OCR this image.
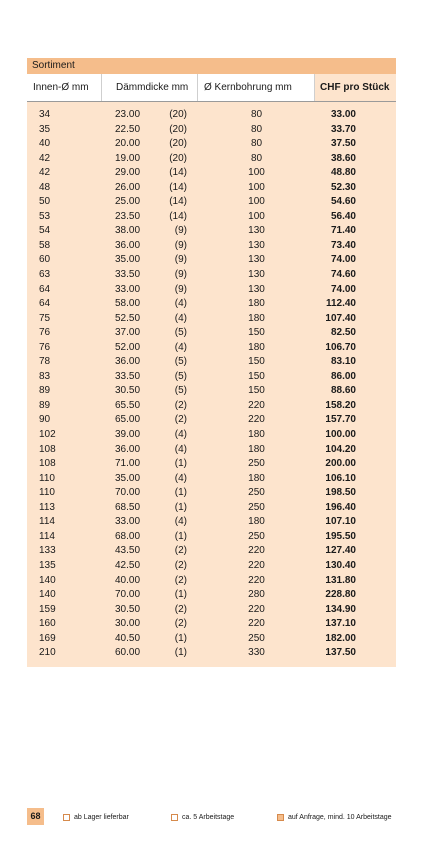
Sortiment
Innen-Ø mm	Dämmdicke mm	Ø Kernbohrung mm	CHF pro Stück
34	23.00	(20)	80	33.00
35	22.50	(20)	80	33.70
40	20.00	(20)	80	37.50
42	19.00	(20)	80	38.60
42	29.00	(14)	100	48.80
48	26.00	(14)	100	52.30
50	25.00	(14)	100	54.60
53	23.50	(14)	100	56.40
54	38.00	(9)	130	71.40
58	36.00	(9)	130	73.40
60	35.00	(9)	130	74.00
63	33.50	(9)	130	74.60
64	33.00	(9)	130	74.00
64	58.00	(4)	180	112.40
75	52.50	(4)	180	107.40
76	37.00	(5)	150	82.50
76	52.00	(4)	180	106.70
78	36.00	(5)	150	83.10
83	33.50	(5)	150	86.00
89	30.50	(5)	150	88.60
89	65.50	(2)	220	158.20
90	65.00	(2)	220	157.70
102	39.00	(4)	180	100.00
108	36.00	(4)	180	104.20
108	71.00	(1)	250	200.00
110	35.00	(4)	180	106.10
110	70.00	(1)	250	198.50
113	68.50	(1)	250	196.40
114	33.00	(4)	180	107.10
114	68.00	(1)	250	195.50
133	43.50	(2)	220	127.40
135	42.50	(2)	220	130.40
140	40.00	(2)	220	131.80
140	70.00	(1)	280	228.80
159	30.50	(2)	220	134.90
160	30.00	(2)	220	137.10
169	40.50	(1)	250	182.00
210	60.00	(1)	330	137.50
68	ab Lager lieferbar	ca. 5 Arbeitstage	auf Anfrage, mind. 10 Arbeitstage
